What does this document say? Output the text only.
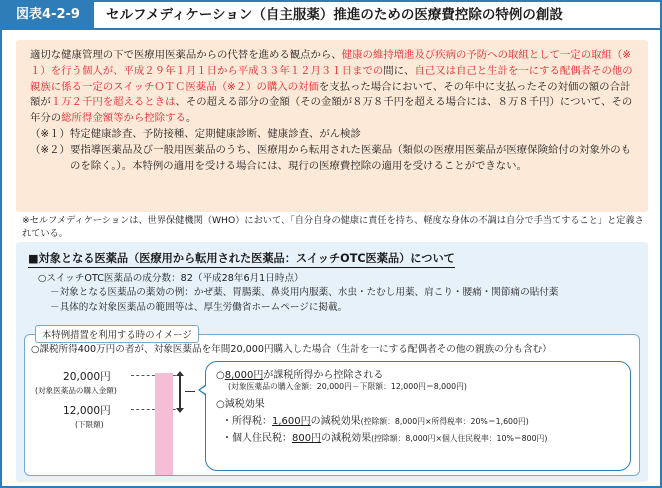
図表4-2-9	セルフメディケーション（自主服薬）推進のための医療費控除の特例の創設
適切な健康管理の下で医療用医薬品からの代替を進める観点から、健康の維持増進及び疾病の予防への取組として一定の取組（※１）を行う個人が、平成２９年１月１日から平成３３年１２月３１日までの間に、自己又は自己と生計を一にする配偶者その他の親族に係る一定のスイッチＯＴＣ医薬品（※２）の購入の対価を支払った場合において、その年中に支払ったその対価の額の合計額が１万２千円を超えるときは、その超える部分の金額（その金額が８万８千円を超える場合には、８万８千円）について、その年分の総所得金額等から控除する。
（※１） 特定健康診査、予防接種、定期健康診断、健康診査、がん検診
（※２） 要指導医薬品及び一般用医薬品のうち、医療用から転用された医薬品（類似の医療用医薬品が医療保険給付の対象外のものを除く。）。本特例の適用を受ける場合には、現行の医療費控除の適用を受けることができない。
※セルフメディケーションは、世界保健機関（WHO）において、「自分自身の健康に責任を持ち、軽度な身体の不調は自分で手当てすること」と定義されている。
■対象となる医薬品（医療用から転用された医薬品：スイッチOTC医薬品）について
○スイッチOTC医薬品の成分数：82（平成28年6月1日時点）
－対象となる医薬品の薬効の例：かぜ薬、胃腸薬、鼻炎用内服薬、水虫・たむし用薬、肩こり・腰痛・関節痛の貼付薬
－具体的な対象医薬品の範囲等は、厚生労働省ホームページに掲載。
本特例措置を利用する時のイメージ
○課税所得400万円の者が、対象医薬品を年間20,000円購入した場合（生計を一にする配偶者その他の親族の分も含む）
20,000円
(対象医薬品の購入金額)
12,000円
(下限額)
○8,000円が課税所得から控除される
(対象医薬品の購入金額：20,000円－下限額：12,000円＝8,000円)
○減税効果
・所得税：1,600円の減税効果(控除額：8,000円×所得税率：20%＝1,600円)
・個人住民税：800円の減税効果(控除額：8,000円×個人住民税率：10%＝800円)
